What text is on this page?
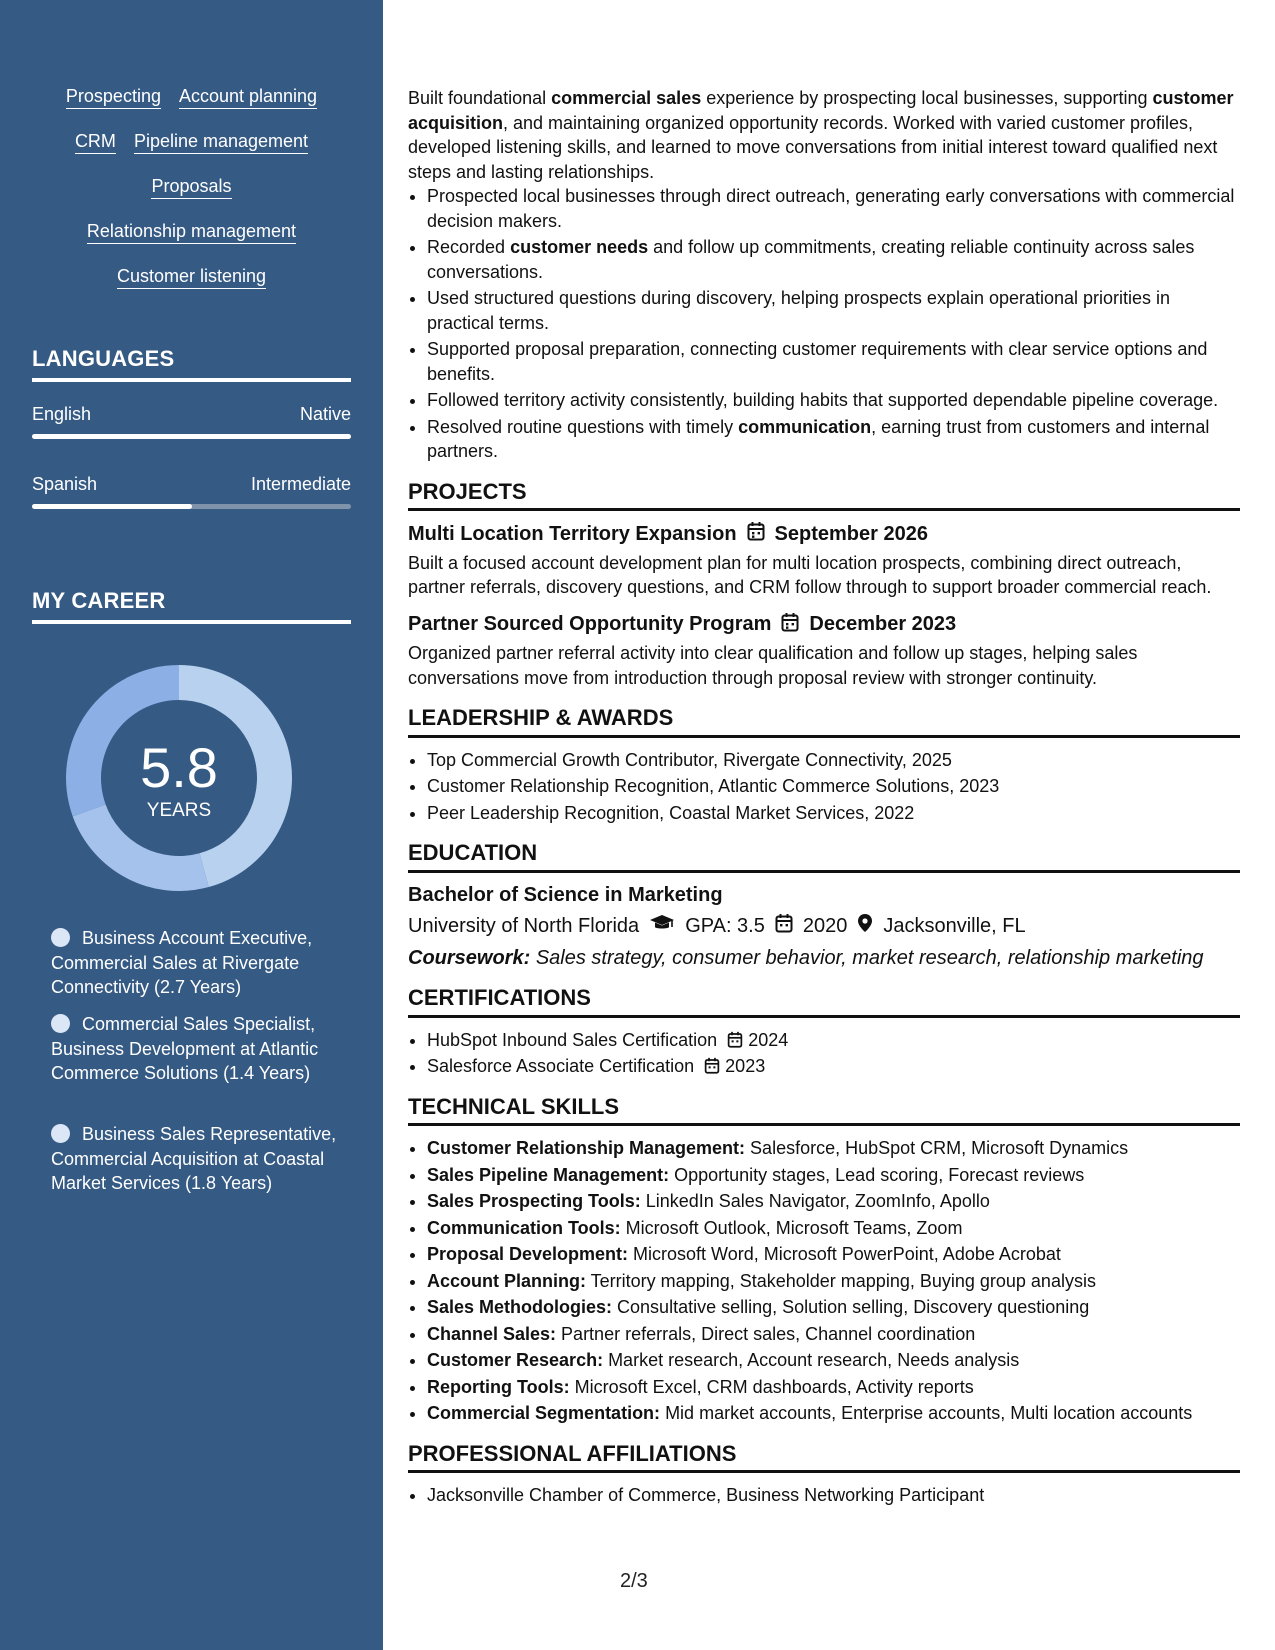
Prospecting Account planning
CRM Pipeline management
Proposals
Relationship management
Customer listening
LANGUAGES
English	Native
Spanish	Intermediate
MY CAREER
5.8
YEARS
Business Account Executive, Commercial Sales at Rivergate Connectivity (2.7 Years)
Commercial Sales Specialist, Business Development at Atlantic Commerce Solutions (1.4 Years)
Business Sales Representative, Commercial Acquisition at Coastal Market Services (1.8 Years)

Built foundational commercial sales experience by prospecting local businesses, supporting customer acquisition, and maintaining organized opportunity records. Worked with varied customer profiles, developed listening skills, and learned to move conversations from initial interest toward qualified next steps and lasting relationships.

• Prospected local businesses through direct outreach, generating early conversations with commercial decision makers.
• Recorded customer needs and follow up commitments, creating reliable continuity across sales conversations.
• Used structured questions during discovery, helping prospects explain operational priorities in practical terms.
• Supported proposal preparation, connecting customer requirements with clear service options and benefits.
• Followed territory activity consistently, building habits that supported dependable pipeline coverage.
• Resolved routine questions with timely communication, earning trust from customers and internal partners.
PROJECTS
Multi Location Territory Expansion September 2026

Built a focused account development plan for multi location prospects, combining direct outreach, partner referrals, discovery questions, and CRM follow through to support broader commercial reach.

Partner Sourced Opportunity Program December 2023

Organized partner referral activity into clear qualification and follow up stages, helping sales conversations move from introduction through proposal review with stronger continuity.

LEADERSHIP & AWARDS
• Top Commercial Growth Contributor, Rivergate Connectivity, 2025
• Customer Relationship Recognition, Atlantic Commerce Solutions, 2023
• Peer Leadership Recognition, Coastal Market Services, 2022
EDUCATION
Bachelor of Science in Marketing
University of North Florida GPA: 3.5 2020 Jacksonville, FL
Coursework: Sales strategy, consumer behavior, market research, relationship marketing
CERTIFICATIONS
• HubSpot Inbound Sales Certification 2024
• Salesforce Associate Certification 2023
TECHNICAL SKILLS
• Customer Relationship Management: Salesforce, HubSpot CRM, Microsoft Dynamics
• Sales Pipeline Management: Opportunity stages, Lead scoring, Forecast reviews
• Sales Prospecting Tools: LinkedIn Sales Navigator, ZoomInfo, Apollo
• Communication Tools: Microsoft Outlook, Microsoft Teams, Zoom
• Proposal Development: Microsoft Word, Microsoft PowerPoint, Adobe Acrobat
• Account Planning: Territory mapping, Stakeholder mapping, Buying group analysis
• Sales Methodologies: Consultative selling, Solution selling, Discovery questioning
• Channel Sales: Partner referrals, Direct sales, Channel coordination
• Customer Research: Market research, Account research, Needs analysis
• Reporting Tools: Microsoft Excel, CRM dashboards, Activity reports
• Commercial Segmentation: Mid market accounts, Enterprise accounts, Multi location accounts
PROFESSIONAL AFFILIATIONS
• Jacksonville Chamber of Commerce, Business Networking Participant
2/3
